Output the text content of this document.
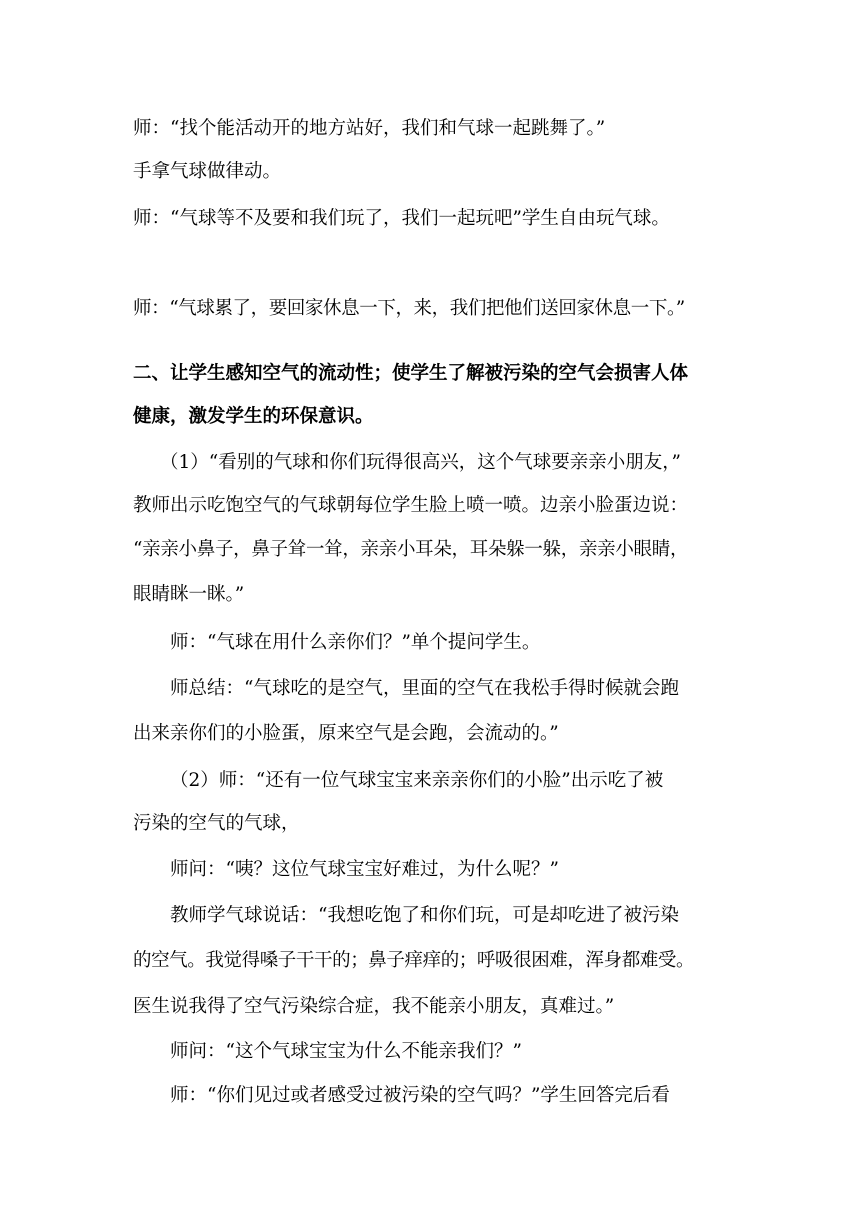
师：“找个能活动开的地方站好，我们和气球一起跳舞了。”
手拿气球做律动。
师：“气球等不及要和我们玩了，我们一起玩吧”学生自由玩气球。
师：“气球累了，要回家休息一下，来，我们把他们送回家休息一下。”
二、让学生感知空气的流动性；使学生了解被污染的空气会损害人体
健康，激发学生的环保意识。
（1）“看别的气球和你们玩得很高兴，这个气球要亲亲小朋友，”
教师出示吃饱空气的气球朝每位学生脸上喷一喷。边亲小脸蛋边说：
“亲亲小鼻子，鼻子耸一耸，亲亲小耳朵，耳朵躲一躲，亲亲小眼睛，
眼睛眯一眯。”
师：“气球在用什么亲你们？”单个提问学生。
师总结：“气球吃的是空气，里面的空气在我松手得时候就会跑
出来亲你们的小脸蛋，原来空气是会跑，会流动的。”
（2）师：“还有一位气球宝宝来亲亲你们的小脸”出示吃了被
污染的空气的气球，
师问：“咦？这位气球宝宝好难过，为什么呢？”
教师学气球说话：“我想吃饱了和你们玩，可是却吃进了被污染
的空气。我觉得嗓子干干的；鼻子痒痒的；呼吸很困难，浑身都难受。
医生说我得了空气污染综合症，我不能亲小朋友，真难过。”
师问：“这个气球宝宝为什么不能亲我们？”
师：“你们见过或者感受过被污染的空气吗？”学生回答完后看
